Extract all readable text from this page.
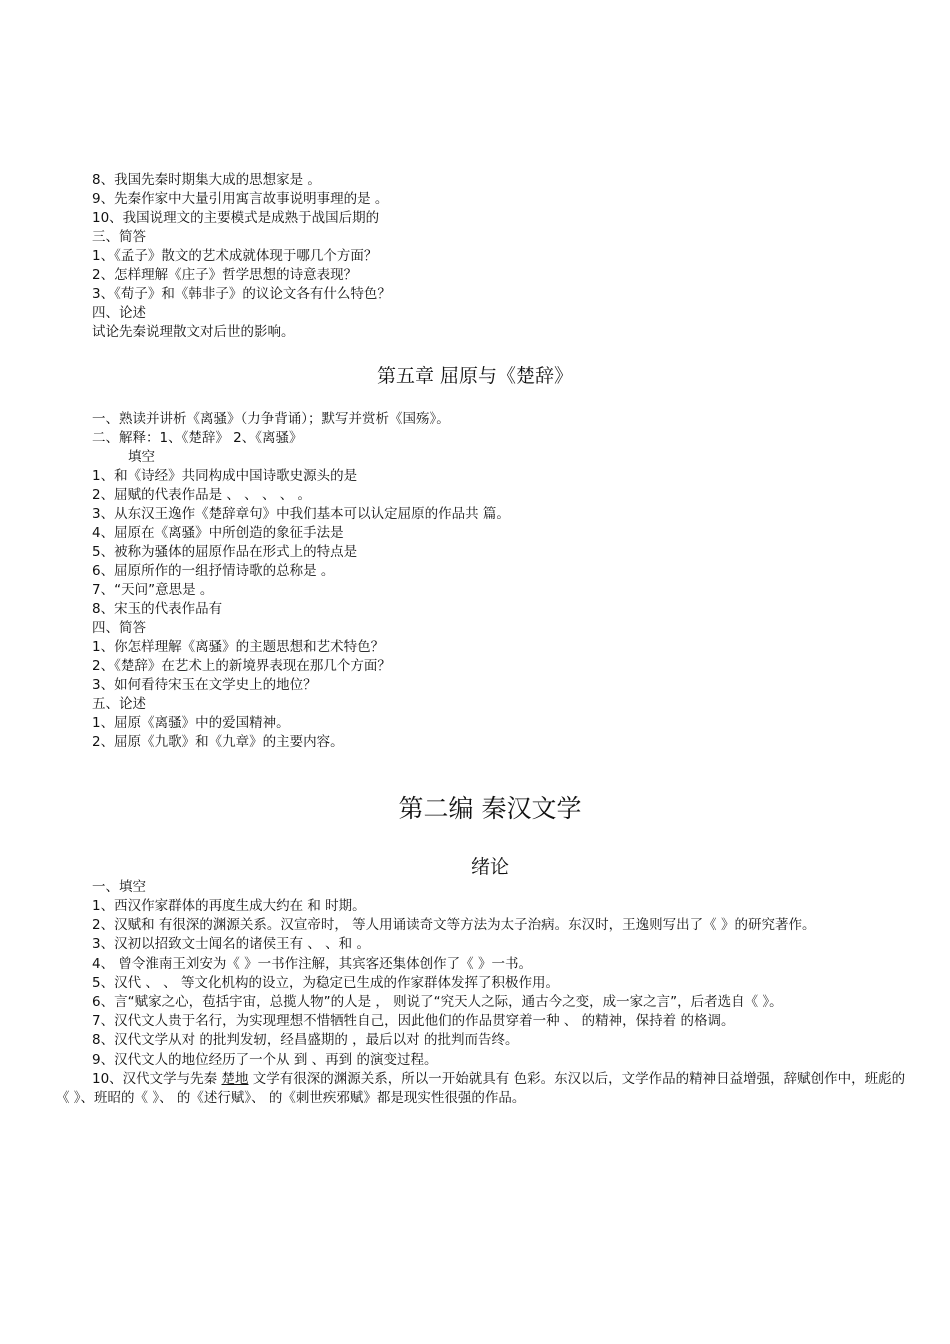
8、我国先秦时期集大成的思想家是 。
9、先秦作家中大量引用寓言故事说明事理的是 。
10、我国说理文的主要模式是成熟于战国后期的
三、简答
1、《孟子》散文的艺术成就体现于哪几个方面？
2、怎样理解《庄子》哲学思想的诗意表现？
3、《荀子》和《韩非子》的议论文各有什么特色？
四、论述
试论先秦说理散文对后世的影响。
第五章 屈原与《楚辞》
一、熟读并讲析《离骚》（力争背诵）；默写并赏析《国殇》。
二、解释：1、《楚辞》 2、《离骚》
填空
1、和《诗经》共同构成中国诗歌史源头的是
2、屈赋的代表作品是 、 、 、 、 。
3、从东汉王逸作《楚辞章句》中我们基本可以认定屈原的作品共 篇。
4、屈原在《离骚》中所创造的象征手法是
5、被称为骚体的屈原作品在形式上的特点是
6、屈原所作的一组抒情诗歌的总称是 。
7、“天问”意思是 。
8、宋玉的代表作品有
四、简答
1、你怎样理解《离骚》的主题思想和艺术特色？
2、《楚辞》在艺术上的新境界表现在那几个方面？
3、如何看待宋玉在文学史上的地位？
五、论述
1、屈原《离骚》中的爱国精神。
2、屈原《九歌》和《九章》的主要内容。
第二编 秦汉文学
绪论
一、填空

1、西汉作家群体的再度生成大约在 和 时期。

2、汉赋和 有很深的渊源关系。汉宣帝时， 等人用诵读奇文等方法为太子治病。东汉时，王逸则写出了《 》的研究著作。

3、汉初以招致文士闻名的诸侯王有 、 、和 。

4、 曾令淮南王刘安为《 》一书作注解，其宾客还集体创作了《 》一书。

5、汉代 、 、 等文化机构的设立，为稳定已生成的作家群体发挥了积极作用。

6、言“赋家之心，苞括宇宙，总揽人物”的人是 ， 则说了“究天人之际，通古今之变，成一家之言”，后者选自《 》。

7、汉代文人贵于名行，为实现理想不惜牺牲自己，因此他们的作品贯穿着一种 、 的精神，保持着 的格调。

8、汉代文学从对 的批判发轫，经昌盛期的 ，最后以对 的批判而告终。

9、汉代文人的地位经历了一个从 到 、再到 的演变过程。

10、汉代文学与先秦 楚地 文学有很深的渊源关系，所以一开始就具有 色彩。东汉以后，文学作品的精神日益增强，辞赋创作中，班彪的《 》、班昭的《 》、 的《述行赋》、 的《刺世疾邪赋》都是现实性很强的作品。
